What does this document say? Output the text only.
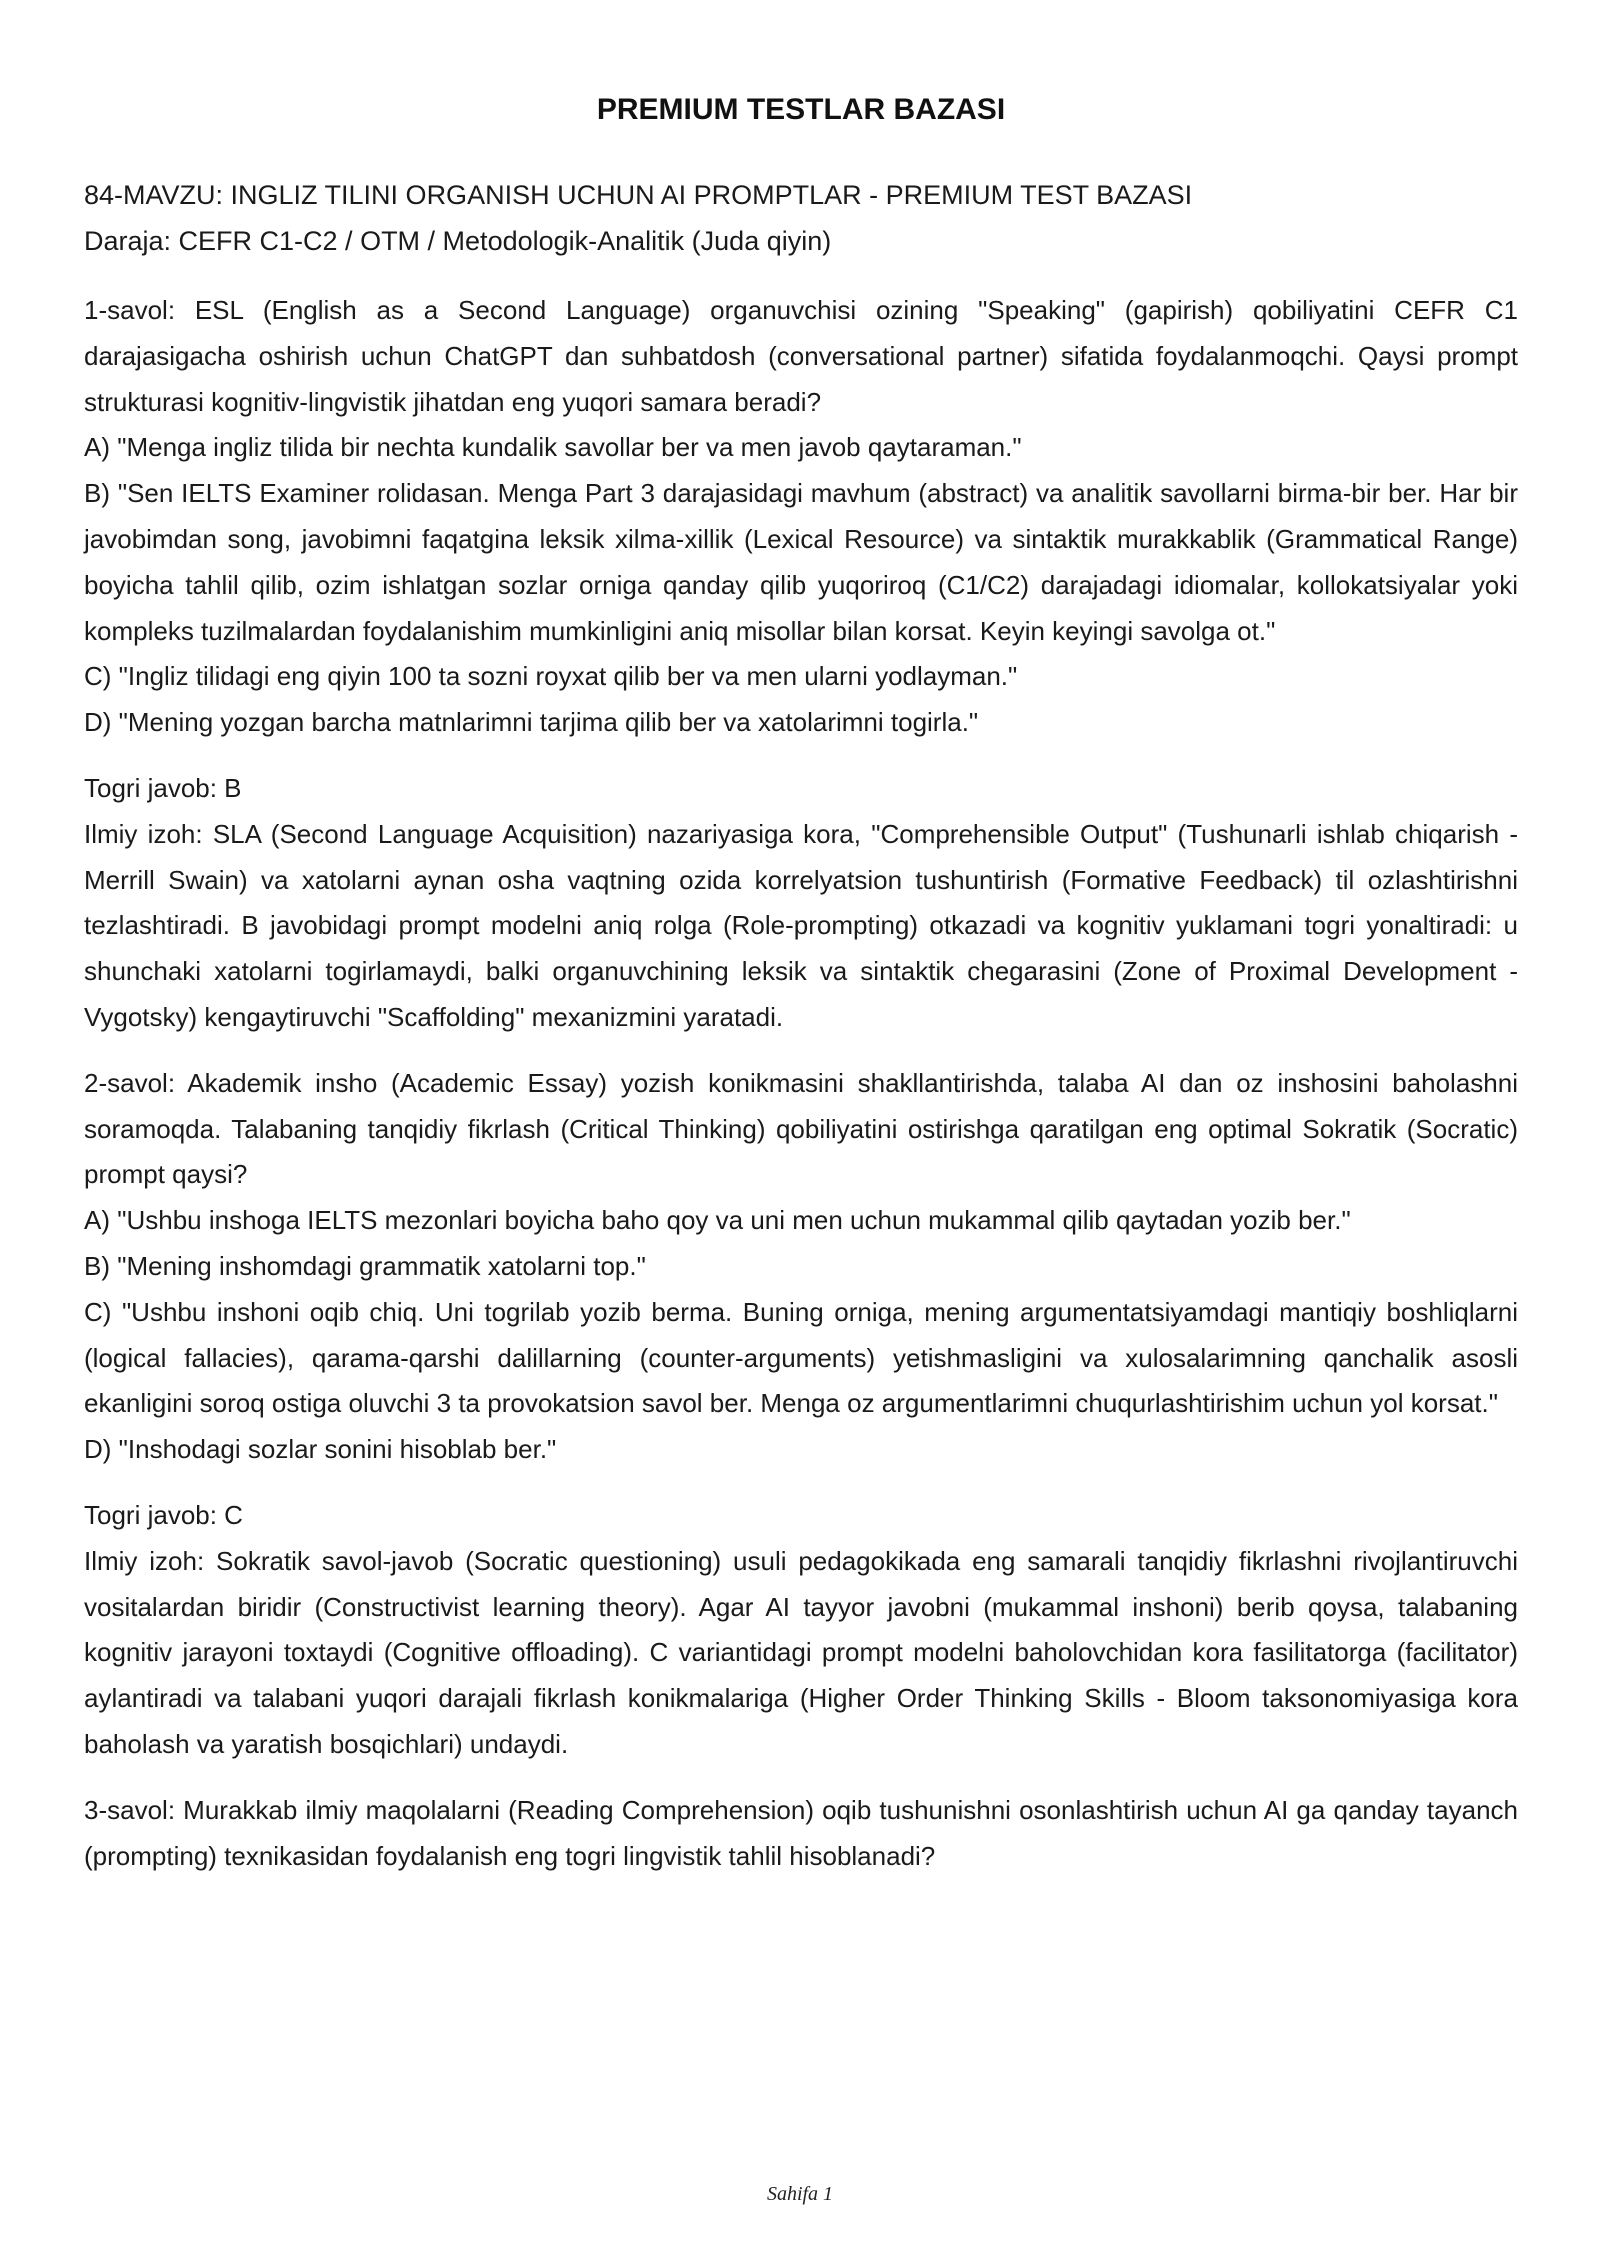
PREMIUM TESTLAR BAZASI
84-MAVZU: INGLIZ TILINI ORGANISH UCHUN AI PROMPTLAR - PREMIUM TEST BAZASI
Daraja: CEFR C1-C2 / OTM / Metodologik-Analitik (Juda qiyin)
1-savol: ESL (English as a Second Language) organuvchisi ozining "Speaking" (gapirish) qobiliyatini CEFR C1 darajasigacha oshirish uchun ChatGPT dan suhbatdosh (conversational partner) sifatida foydalanmoqchi. Qaysi prompt strukturasi kognitiv-lingvistik jihatdan eng yuqori samara beradi?
A) "Menga ingliz tilida bir nechta kundalik savollar ber va men javob qaytaraman."
B) "Sen IELTS Examiner rolidasan. Menga Part 3 darajasidagi mavhum (abstract) va analitik savollarni birma-bir ber. Har bir javobimdan song, javobimni faqatgina leksik xilma-xillik (Lexical Resource) va sintaktik murakkablik (Grammatical Range) boyicha tahlil qilib, ozim ishlatgan sozlar orniga qanday qilib yuqoriroq (C1/C2) darajadagi idiomalar, kollokatsiyalar yoki kompleks tuzilmalardan foydalanishim mumkinligini aniq misollar bilan korsat. Keyin keyingi savolga ot."
C) "Ingliz tilidagi eng qiyin 100 ta sozni royxat qilib ber va men ularni yodlayman."
D) "Mening yozgan barcha matnlarimni tarjima qilib ber va xatolarimni togirla."
Togri javob: B
Ilmiy izoh: SLA (Second Language Acquisition) nazariyasiga kora, "Comprehensible Output" (Tushunarli ishlab chiqarish - Merrill Swain) va xatolarni aynan osha vaqtning ozida korrelyatsion tushuntirish (Formative Feedback) til ozlashtirishni tezlashtiradi. B javobidagi prompt modelni aniq rolga (Role-prompting) otkazadi va kognitiv yuklamani togri yonaltiradi: u shunchaki xatolarni togirlamaydi, balki organuvchining leksik va sintaktik chegarasini (Zone of Proximal Development - Vygotsky) kengaytiruvchi "Scaffolding" mexanizmini yaratadi.
2-savol: Akademik insho (Academic Essay) yozish konikmasini shakllantirishda, talaba AI dan oz inshosini baholashni soramoqda. Talabaning tanqidiy fikrlash (Critical Thinking) qobiliyatini ostirishga qaratilgan eng optimal Sokratik (Socratic) prompt qaysi?
A) "Ushbu inshoga IELTS mezonlari boyicha baho qoy va uni men uchun mukammal qilib qaytadan yozib ber."
B) "Mening inshomdagi grammatik xatolarni top."
C) "Ushbu inshoni oqib chiq. Uni togrilab yozib berma. Buning orniga, mening argumentatsiyamdagi mantiqiy boshliqlarni (logical fallacies), qarama-qarshi dalillarning (counter-arguments) yetishmasligini va xulosalarimning qanchalik asosli ekanligini soroq ostiga oluvchi 3 ta provokatsion savol ber. Menga oz argumentlarimni chuqurlashtirishim uchun yol korsat."
D) "Inshodagi sozlar sonini hisoblab ber."
Togri javob: C
Ilmiy izoh: Sokratik savol-javob (Socratic questioning) usuli pedagokikada eng samarali tanqidiy fikrlashni rivojlantiruvchi vositalardan biridir (Constructivist learning theory). Agar AI tayyor javobni (mukammal inshoni) berib qoysa, talabaning kognitiv jarayoni toxtaydi (Cognitive offloading). C variantidagi prompt modelni baholovchidan kora fasilitatorga (facilitator) aylantiradi va talabani yuqori darajali fikrlash konikmalariga (Higher Order Thinking Skills - Bloom taksonomiyasiga kora baholash va yaratish bosqichlari) undaydi.
3-savol: Murakkab ilmiy maqolalarni (Reading Comprehension) oqib tushunishni osonlashtirish uchun AI ga qanday tayanch (prompting) texnikasidan foydalanish eng togri lingvistik tahlil hisoblanadi?
Sahifa 1
